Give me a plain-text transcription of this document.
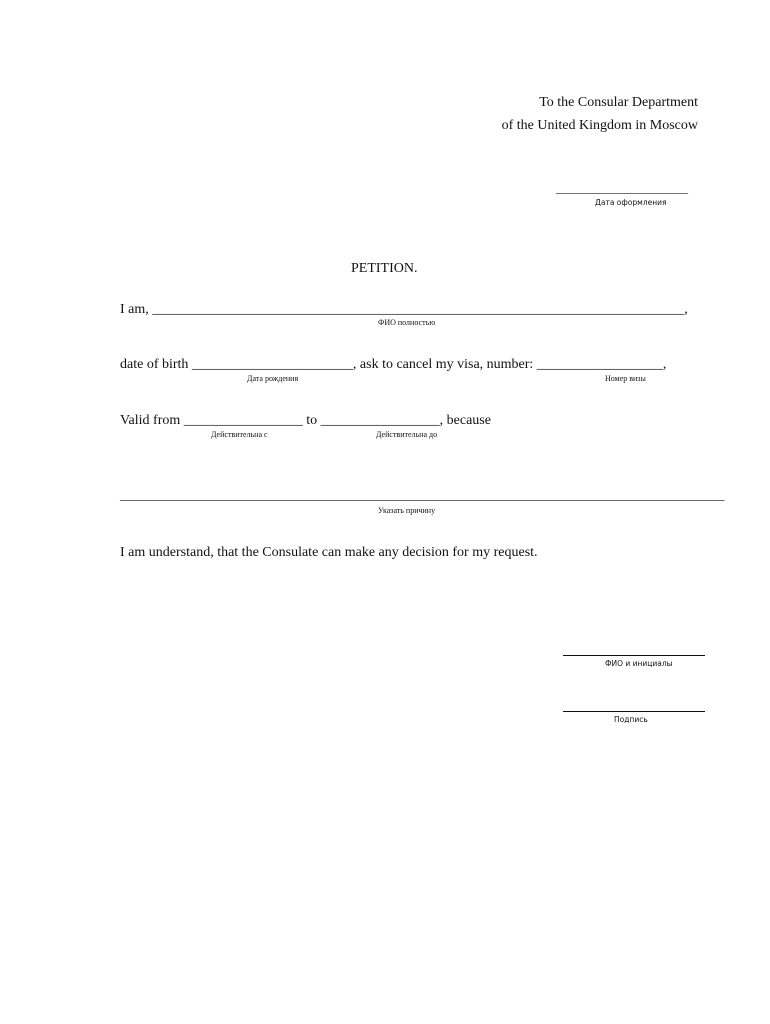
To the Consular Department
of the United Kingdom in Moscow
______________________
Дата оформления
PETITION.
I am, ____________________________________________________________________________,
ФИО полностью
date of birth _______________________, ask to cancel my visa, number: __________________,
Дата рождения	Номер визы
Valid from _________________ to _________________, because
Действительна с	Действительна до
_____________________________________________________________________________________________
Указать причину
I am understand, that the Consulate can make any decision for my request.
ФИО и инициалы
Подпись
